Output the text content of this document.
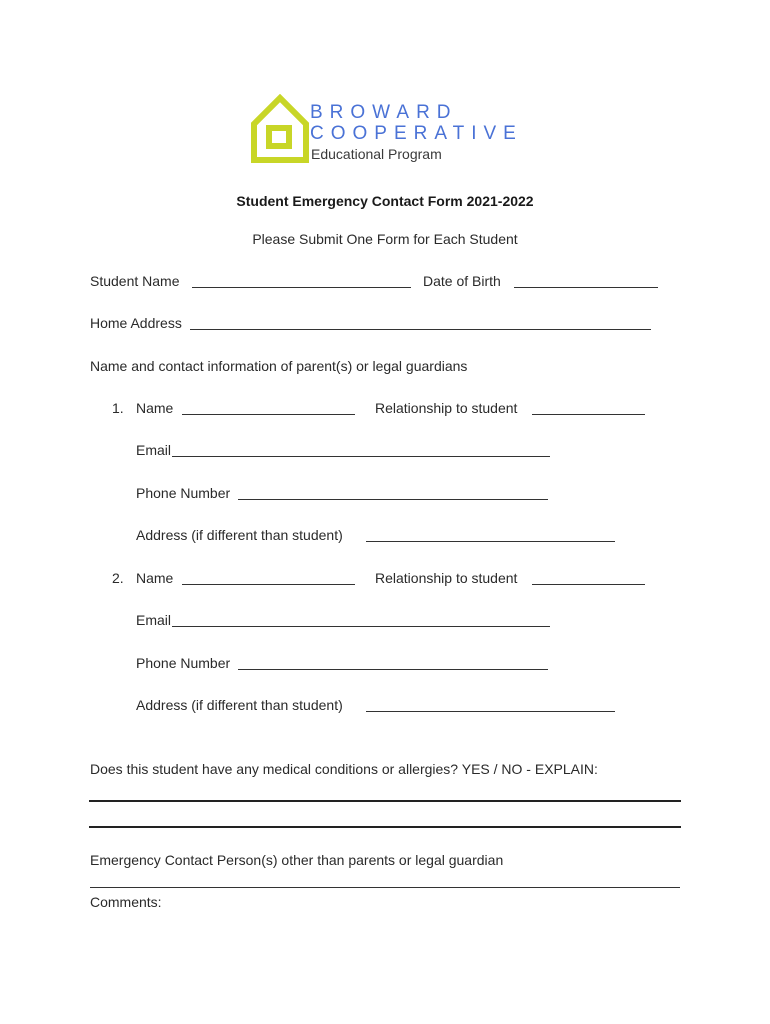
BROWARD
COOPERATIVE
Educational Program
Student Emergency Contact Form 2021-2022
Please Submit One Form for Each Student
Student Name	Date of Birth
Home Address
Name and contact information of parent(s) or legal guardians
1. Name	Relationship to student
Email
Phone Number
Address (if different than student)
2. Name	Relationship to student
Email
Phone Number
Address (if different than student)
Does this student have any medical conditions or allergies? YES / NO - EXPLAIN:
Emergency Contact Person(s) other than parents or legal guardian
Comments:
